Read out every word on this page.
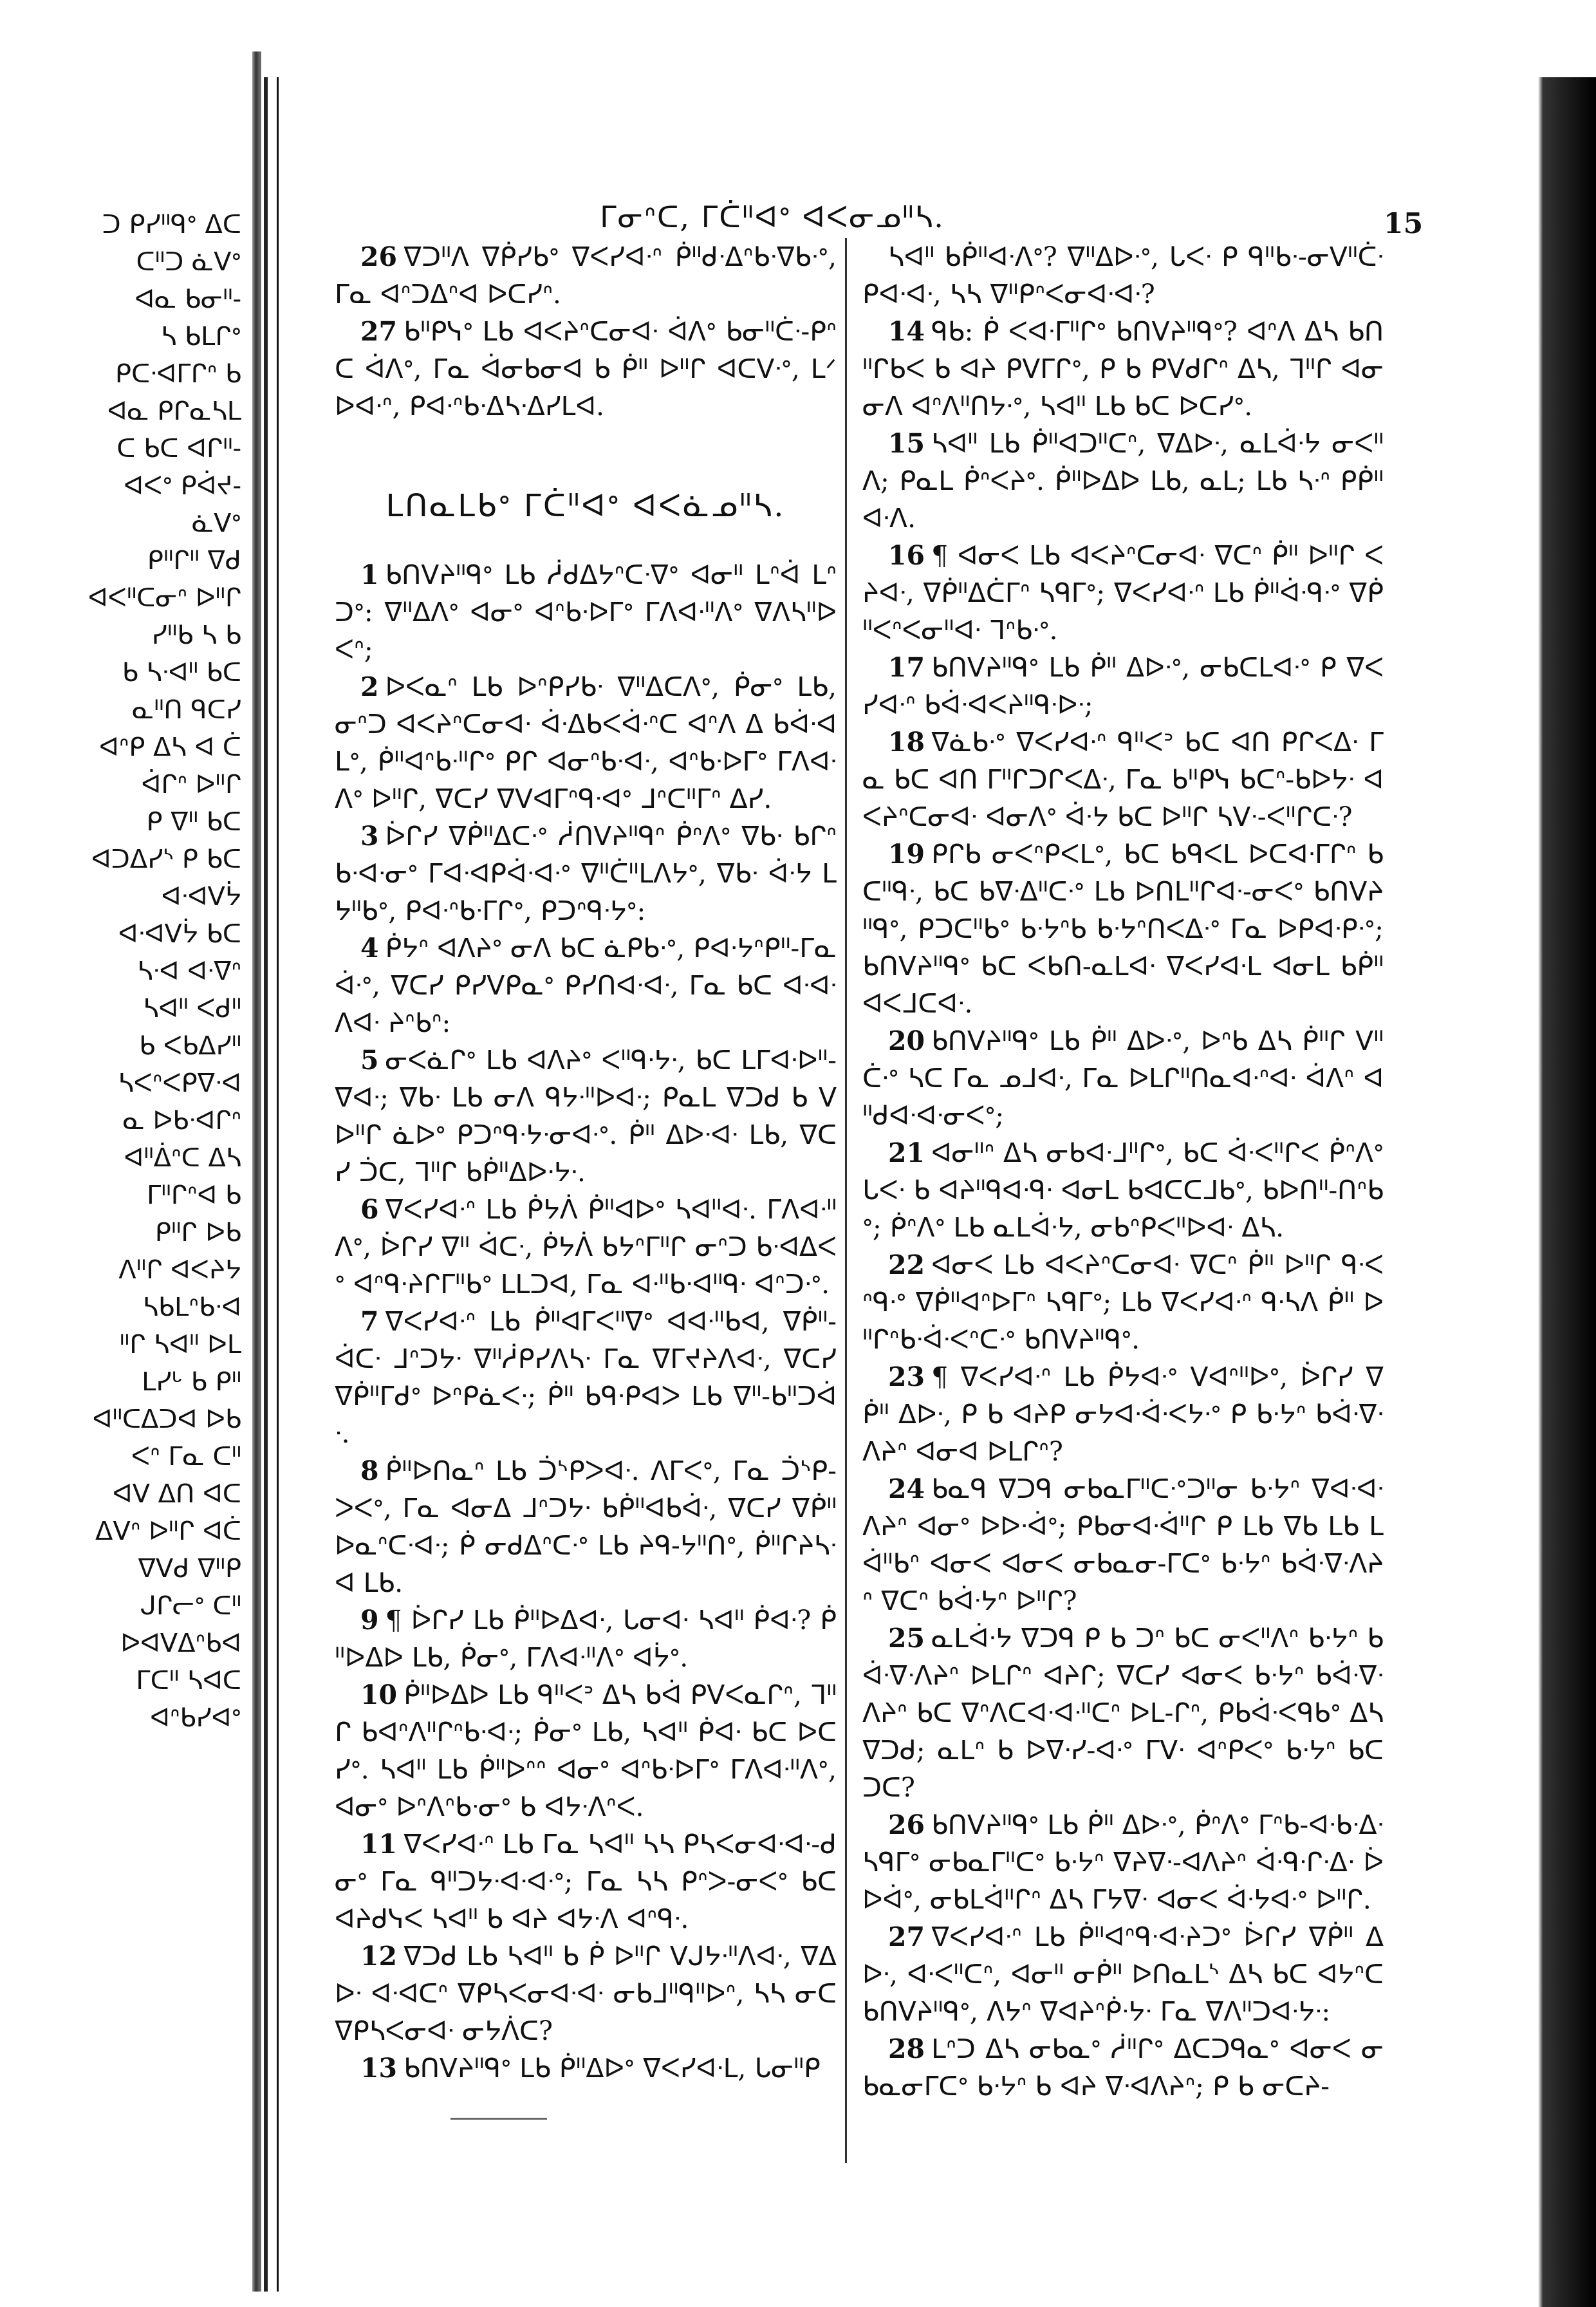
ᑐ ᑭᓯᐦᑫᐤ ᐃᑕ
ᑕᐦᑐ ᓈᐯᐤ
ᐊᓇ ᑲᓂᐦ-
ᓴ ᑲᒪᒋᐤ
ᑭᑕᐧᐊᒥᒋᐢ ᑲ
ᐊᓇ ᑭᒋᓇᓴᒪ
ᑕ ᑲᑕ ᐊᒋᐦ-
ᐊᐸᐤ ᑭᐋᔪ-
ᓈᐯᐤ
ᑭᐦᒋᐦ ᐁᑯ
ᐊᐸᐦᑕᓂᐢ ᐅᐦᒋ
ᓯᐦᑲ ᓴ ᑲ
ᑲ ᓴᐧᐊᐦ ᑲᑕ
ᓇᐦᑎ ᑫᑕᓯ
ᐊᐢᑭ ᐃᓴ ᐊ ᑖ
ᐋᒋᐢ ᐅᐦᒋ
ᑭ ᐁᐦ ᑲᑕ
ᐊᑐᐃᓯᔅ ᑭ ᑲᑕ
ᐊᐧᐊᐯᔮ
ᐊᐧᐊᐯᔮ ᑲᑕ
ᓴᐧᐊ ᐊᐧᐁᐢ
ᓴᐊᐦ ᐸᑯᐦ
ᑲ ᐸᑲᐃᓯᐦ
ᓴᐸᐢᐸᑭᐁᐧᐊ
ᓇ ᐅᑲᐧᐊᒋᐢ
ᐊᐦᐄᐢᑕ ᐃᓴ
ᒥᐦᒋᐢᐊ ᑲ
ᑭᐦᒋ ᐅᑲ
ᐱᐦᒋ ᐊᐸᔨᔭ
ᓴᑲᒪᐢᑲᐧᐊ
ᐦᒋ ᓴᐊᐦ ᐅᒪ
ᒪᓯᒡ ᑲ ᑭᐦ
ᐊᐦᑕᐃᑐᐊ ᐅᑲ
ᐸᐢ ᒥᓇ ᑕᐦ
ᐊᐯ ᐃᑎ ᐊᑕ
ᐃᐯᐢ ᐅᐦᒋ ᐊᑖ
ᐁᐯᑯ ᐁᐦᑭ
ᒍᒋᓕᐤ ᑕᐦ
ᐅᐊᐯᐃᐢᑲᐊ
ᒥᑕᐦ ᓴᐊᑕ
ᐊᐢᑲᓯᐊᐤ
ᒥᓂᐢᑕ, ᒥᑖᐦᐊᐤ ᐊᐸᓂᓄᐦᓴ.	15

26 ᐁᑐᐦᐱ ᐁᑮᓯᑲᐤ ᐁᐸᓯᐊᐧᐢ ᑮᐦᑯᐧᐃᐢᑲᐧᐁᑲᐧᐤ, ᒥᓇ ᐊᐢᑐᐃᐢᐊ ᐅᑕᓯᐢ.

27 ᑲᐦᑭᓭᐤ ᒪᑲ ᐊᐸᔨᐢᑕᓂᐊᐧ ᐋᐱᐤ ᑲᓂᐦᑖᐧ-ᑭᐢᑕ ᐋᐱᐤ, ᒥᓇ ᐋᓂᑲᓂᐊ ᑲ ᑮᐦ ᐅᐦᒋ ᐊᑕᐯᐧᐤ, ᒪᐟᐅᐊᐧᐢ, ᑭᐊᐧᐢᑲᐧᐃᓴᐧᐃᓯᒪᐊ.

ᒪᑎᓇᒪᑲᐤ ᒥᑖᐦᐊᐤ ᐊᐸᓈᓄᐦᓴ.

1 ᑲᑎᐯᔨᐦᑫᐤ ᒪᑲ ᓲᑯᐃᔭᐢᑕᐧᐁᐤ ᐊᓂᐦ ᒪᐢᐋ ᒪᐢᑐᐤ: ᐁᐦᐃᐱᐤ ᐊᓂᐤ ᐊᐢᑲᐧᐅᒥᐤ ᒥᐱᐊᐧᐦᐱᐤ ᐁᐱᓴᐦᐅᐸᐢ;

2 ᐅᐸᓇᐢ ᒪᑲ ᐅᐢᑭᓯᑲᐧ ᐁᐦᐃᑕᐱᐤ, ᑮᓂᐤ ᒪᑲ, ᓂᐢᑐ ᐊᐸᔨᐢᑕᓂᐊᐧ ᐋᐧᐃᑲᐸᐋᐧᐢᑕ ᐊᐢᐱ ᐃ ᑲᐋᐧᐊᒪᐤ, ᑮᐦᐊᐢᑲᐧᐦᒋᐤ ᑭᒋ ᐊᓂᐢᑲᐧᐊᐧ, ᐊᐢᑲᐧᐅᒥᐤ ᒥᐱᐊᐧᐱᐤ ᐅᐦᒋ, ᐁᑕᓯ ᐁᐯᐊᒥᐢᑫᐧᐊᐤ ᒧᐢᑕᐦᒥᐢ ᐃᓯ.

3 ᐆᒋᓯ ᐁᑮᐦᐃᑕᐧᐤ ᓲᑎᐯᔨᐦᑫᐢ ᑮᐢᐱᐤ ᐁᑲᐧ ᑲᒋᐢᑲᐧᐊᐧᓂᐤ ᒥᐊᐧᐊᑭᐋᐧᐊᐧᐤ ᐁᐦᑖᐦᒪᐱᔭᐤ, ᐁᑲᐧ ᐋᐧᔭ ᒪᔭᐦᑲᐤ, ᑭᐊᐧᐢᑲᐧᒥᒋᐤ, ᑭᑐᐢᑫᐧᔭᐤ:

4 ᑮᔭᐢ ᐊᐱᔨᐤ ᓂᐱ ᑲᑕ ᓈᑭᑲᐧᐤ, ᑭᐊᐧᔭᐢᑭᐦ-ᒥᓇᐋᐧᐤ, ᐁᑕᓯ ᑭᓯᐯᑭᓇᐤ ᑭᓯᑎᐊᐧᐊᐧ, ᒥᓇ ᑲᑕ ᐊᐧᐊᐧᐱᐊᐧ ᔨᐢᑲᐢ:

5 ᓂᐸᓈᒋᐤ ᒪᑲ ᐊᐱᔨᐤ ᐸᐦᑫᐧᔭᐧ, ᑲᑕ ᒪᒥᐊᐧᐅᐦ-ᐁᐊᐧ; ᐁᑲᐧ ᒪᑲ ᓂᐱ ᑫᔭᐧᐦᐅᐊᐧ; ᑭᓇᒪ ᐁᑐᑯ ᑲ ᐯ ᐅᐦᒋ ᓈᐅᐤ ᑭᑐᐢᑫᐧᔭᐧᓂᐊᐧᐤ. ᑮᐦ ᐃᐅᐧᐊᐧ ᒪᑲ, ᐁᑕᓯ ᑑᑕ, ᒣᐦᒋ ᑲᑮᐦᐃᐅᐧᔭᐧ.

6 ᐁᐸᓯᐊᐧᐢ ᒪᑲ ᑮᔭᐲ ᑮᐦᐊᐅᐤ ᓴᐊᐦᐊᐧ. ᒥᐱᐊᐧᐦᐱᐤ, ᐆᒋᓯ ᐁᐦ ᐋᑕᐧ, ᑮᔭᐲ ᑲᔭᐢᒥᐦᒋ ᓂᐢᑐ ᑲᐧᐊᐃᐸᐤ ᐊᐢᑫᐧᔨᒋᒥᐦᑲᐤ ᒪᒪᑐᐊ, ᒥᓇ ᐊᐧᐦᑲᐧᐊᐦᑫᐧ ᐊᐢᑐᐧᐤ.

7 ᐁᐸᓯᐊᐧᐢ ᒪᑲ ᑮᐦᐊᒥᐸᐦᐁᐤ ᐊᐊᐧᐦᑲᐊ, ᐁᑮᐦ-ᐋᑕᐧ ᒧᐢᑐᔭᐧ ᐁᐦᓲᑭᓯᐱᓴᐧ ᒥᓇ ᐁᒥᔪᔨᐱᐊᐧ, ᐁᑕᓯ ᐁᑮᐦᒥᑯᐤ ᐅᐢᑭᓈᐸᐧ; ᑮᐦ ᑲᑫᐧᑭᐊᐳ ᒪᑲ ᐁᐦ-ᑲᐦᑐᐋᐧ.

8 ᑮᐦᐅᑎᓇᐢ ᒪᑲ ᑑᔅᑭᐳᐊᐧ. ᐱᒥᐸᐤ, ᒥᓇ ᑑᔅᑭ-ᐳᐸᐤ, ᒥᓇ ᐊᓂᐃ ᒧᐢᑐᔭᐧ ᑲᑮᐦᐊᑲᐋᐧ, ᐁᑕᓯ ᐁᑮᐦᐅᓇᐢᑕᐧᐊᐧ; ᑮ ᓂᑯᐃᐢᑕᐧᐤ ᒪᑲ ᔨᑫ-ᔭᐦᑎᐤ, ᑮᐦᒋᔨᓴᐧᐊ ᒪᑲ.

9 ¶ ᐆᒋᓯ ᒪᑲ ᑮᐦᐅᐃᐊᐧ, ᒐᓂᐊᐧ ᓴᐊᐦ ᑮᐊᐧ? ᑮᐦᐅᐃᐅ ᒪᑲ, ᑮᓂᐤ, ᒥᐱᐊᐧᐦᐱᐤ ᐊᔮᐤ.

10 ᑮᐦᐅᐃᐅ ᒪᑲ ᑫᐦᐸᐣ ᐃᓴ ᑲᐋ ᑭᐯᐸᓇᒋᐢ, ᒣᐦᒋ ᑲᐊᐢᐱᐦᒋᐢᑲᐧᐊᐧ; ᑮᓂᐤ ᒪᑲ, ᓴᐊᐦ ᑮᐊᐧ ᑲᑕ ᐅᑕᓯᐤ. ᓴᐊᐦ ᒪᑲ ᑮᐦᐅᐢᐢ ᐊᓂᐤ ᐊᐢᑲᐧᐅᒥᐤ ᒥᐱᐊᐧᐦᐱᐤ, ᐊᓂᐤ ᐅᐢᐱᐢᑲᐧᓂᐤ ᑲ ᐊᔭᐧᐱᐢᐸ.

11 ᐁᐸᓯᐊᐧᐢ ᒪᑲ ᒥᓇ ᓴᐊᐦ ᓴᓴ ᑭᓴᐸᓂᐊᐧᐊᐧ-ᑯᓂᐤ ᒥᓇ ᑫᐦᑐᔭᐧᐊᐧᐊᐧᐤ; ᒥᓇ ᓴᓴ ᑭᐢᐳ-ᓂᐸᐤ ᑲᑕ ᐊᔨᑯᓭᐸ ᓴᐊᐦ ᑲ ᐊᔨ ᐊᔭᐧᐱ ᐊᐢᑫᐧ.

12 ᐁᑐᑯ ᒪᑲ ᓴᐊᐦ ᑲ ᑮ ᐅᐦᒋ ᐯᒍᔭᐧᐦᐱᐊᐧ, ᐁᐃᐅᐧ ᐊᐧᐊᑕᐢ ᐁᑭᓴᐸᓂᐊᐧᐊᐧ ᓂᑲᒧᐦᑫᐦᐅᐢ, ᓴᓴ ᓂᑕ ᐁᑭᓴᐸᓂᐊᐧ ᓂᔭᐲᑕ?

13 ᑲᑎᐯᔨᐦᑫᐤ ᒪᑲ ᑮᐦᐃᐅᐤ ᐁᐸᓯᐊᐧᒪ, ᒐᓂᐦᑭ

ᓴᐊᐦ ᑲᑮᐦᐊᐧᐱᐤ? ᐁᐦᐃᐅᐧᐤ, ᒐᐸᐧ ᑭ ᑫᐦᑲᐧ-ᓂᐯᐦᑖᐧᑭᐊᐧᐊᐧ, ᓴᓴ ᐁᐦᑭᐢᐸᓂᐊᐧᐊᐧ?

14 ᑫᑲ: ᑮ ᐸᐊᐧᒥᐦᒋᐤ ᑲᑎᐯᔨᐦᑫᐤ? ᐊᐢᐱ ᐃᓴ ᑲᑎᐦᒋᑲᐸ ᑲ ᐊᔨ ᑭᐯᒥᒋᐤ, ᑭ ᑲ ᑭᐯᑯᒋᐢ ᐃᓴ, ᒣᐦᒋ ᐊᓂ ᓂᐱ ᐊᐢᐱᐦᑎᔭᐧᐤ, ᓴᐊᐦ ᒪᑲ ᑲᑕ ᐅᑕᓯᐤ.

15 ᓴᐊᐦ ᒪᑲ ᑮᐦᐊᑐᐦᑕᐢ, ᐁᐃᐅᐧ, ᓇᒪᐋᐧᔭ ᓂᐸᐦᐱ; ᑭᓇᒪ ᑮᐢᐸᔨᐤ. ᑮᐦᐅᐃᐅ ᒪᑲ, ᓇᒪ; ᒪᑲ ᓴᐧᐢ ᑭᑮᐦᐊᐧᐱ.

16 ¶ ᐊᓂᐸ ᒪᑲ ᐊᐸᔨᐢᑕᓂᐊᐧ ᐁᑕᐢ ᑮᐦ ᐅᐦᒋ ᐸᔨᐊᐧ, ᐁᑮᐦᐃᑖᒥᐢ ᓴᑫᒥᐤ; ᐁᐸᓯᐊᐧᐢ ᒪᑲ ᑮᐦᐋᐧᑫᐧᐤ ᐁᑮᐦᐸᐢᐸᓂᐦᐊᐧ ᒣᐢᑲᐧᐤ.

17 ᑲᑎᐯᔨᐦᑫᐤ ᒪᑲ ᑮᐦ ᐃᐅᐧᐤ, ᓂᑲᑕᒪᐊᐧᐤ ᑭ ᐁᐸᓯᐊᐧᐢ ᑲᐋᐧᐊᐸᔨᐦᑫᐧᐅᐧ;

18 ᐁᓈᑲᐧᐤ ᐁᐸᓯᐊᐧᐢ ᑫᐦᐸᐣ ᑲᑕ ᐊᑎ ᑭᒋᐸᐃᐧ ᒥᓇ ᑲᑕ ᐊᑎ ᒥᐦᒋᑐᒋᐸᐃᐧ, ᒥᓇ ᑲᐦᑭᓭ ᑲᑕᐢ-ᑲᐅᔭᐧ ᐊᐸᔨᐢᑕᓂᐊᐧ ᐊᓂᐱᐤ ᐋᐧᔭ ᑲᑕ ᐅᐦᒋ ᓴᐯᐧ-ᐸᐦᒋᑕᐧ?

19 ᑭᒋᑲ ᓂᐸᐢᑭᐸᒪᐤ, ᑲᑕ ᑲᑫᐸᒪ ᐅᑕᐊᐧᒥᒋᐢ ᑲᑕᐦᑫᐧ, ᑲᑕ ᑲᐁᐧᐃᐦᑕᐧᐤ ᒪᑲ ᐅᑎᒪᐦᒋᐊᐧ-ᓂᐸᐤ ᑲᑎᐯᔨᐦᑫᐤ, ᑭᑐᑕᐦᑲᐤ ᑲᐧᔭᐢᑲ ᑲᐧᔭᐢᑎᐸᐃᐧᐤ ᒥᓇ ᐅᑭᐊᐧᑭᐧᐤ; ᑲᑎᐯᔨᐦᑫᐤ ᑲᑕ ᐸᑲᑎ-ᓇᒪᐊᐧ ᐁᐸᓯᐊᐧᒪ ᐊᓂᒪ ᑲᑮᐦᐊᐸᒧᑕᐊᐧ.

20 ᑲᑎᐯᔨᐦᑫᐤ ᒪᑲ ᑮᐦ ᐃᐅᐧᐤ, ᐅᐢᑲ ᐃᓴ ᑮᐦᒋ ᐯᐦᑖᐧᐤ ᓴᑕ ᒥᓇ ᓄᒧᐊᐧ, ᒥᓇ ᐅᒪᒋᐦᑎᓇᐊᐧᐢᐊᐧ ᐋᐱᐢ ᐊᐦᑯᐊᐧᐊᐧᓂᐸᐤ;

21 ᐊᓂᐦᐢ ᐃᓴ ᓂᑲᐊᐧᒧᐦᒋᐤ, ᑲᑕ ᐋᐧᐸᐦᒋᐸ ᑮᐢᐱᐤ ᒐᐸᐧ ᑲ ᐊᔨᐦᑫᐊᐧᑫᐧ ᐊᓂᒪ ᑲᐊᑕᑕᒧᑲᐤ, ᑲᐅᑎᐦ-ᑎᐢᑲᐤ; ᑮᐢᐱᐤ ᒪᑲ ᓇᒪᐋᐧᔭ, ᓂᑲᐢᑭᐸᐦᐅᐊᐧ ᐃᓴ.

22 ᐊᓂᐸ ᒪᑲ ᐊᐸᔨᐢᑕᓂᐊᐧ ᐁᑕᐢ ᑮᐦ ᐅᐦᒋ ᑫᐧᐸᐢᑫᐧᐤ ᐁᑮᐦᐊᐢᐅᒥᐢ ᓴᑫᒥᐤ; ᒪᑲ ᐁᐸᓯᐊᐧᐢ ᑫᐧᓴᐱ ᑮᐦ ᐅᐦᒋᐢᑲᐧᐋᐧᐸᐢᑕᐧᐤ ᑲᑎᐯᔨᐦᑫᐤ.

23 ¶ ᐁᐸᓯᐊᐧᐢ ᒪᑲ ᑮᔭᐊᐧᐤ ᐯᐊᐢᐦᐅᐤ, ᐆᒋᓯ ᐁ ᑮᐦ ᐃᐅᐧ, ᑭ ᑲ ᐊᔨᑭ ᓂᔭᐊᐧᐋᐧᐸᔭᐧᐤ ᑭ ᑲᐧᔭᐢ ᑲᐋᐧᐁᐧᐱᔨᐢ ᐊᓂᐊ ᐅᒪᒋᐢ?

24 ᑲᓇᑫ ᐁᑐᑫ ᓂᑲᓇᒥᐦᑕᐧᐤᑐᐦᓂ ᑲᐧᔭᐢ ᐁᐊᐧᐊᐧᐱᔨᐢ ᐊᓂᐤ ᐅᐅᐧᐋᐤ; ᑭᑲᓂᐊᐧᐋᐦᒋ ᑭ ᒪᑲ ᐁᑲ ᒪᑲ ᒪᐋᐦᑲᐢ ᐊᓂᐸ ᐊᓂᐸ ᓂᑲᓇᓂ-ᒥᑕᐤ ᑲᐧᔭᐢ ᑲᐋᐧᐁᐧᐱᔨᐢ ᐁᑕᐢ ᑲᐋᐧᔭᐢ ᐅᐦᒋ?

25 ᓇᒪᐋᐧᔭ ᐁᑐᑫ ᑭ ᑲ ᑐᐢ ᑲᑕ ᓂᐸᐦᐱᐢ ᑲᐧᔭᐢ ᑲᐋᐧᐁᐧᐱᔨᐢ ᐅᒪᒋᐢ ᐊᔨᒋ; ᐁᑕᓯ ᐊᓂᐸ ᑲᐧᔭᐢ ᑲᐋᐧᐁᐧᐱᔨᐢ ᑲᑕ ᐁᐢᐱᑕᐊᐧᐊᐧᐦᑕᐢ ᐅᒪ-ᒋᐢ, ᑭᑲᐋᐧᐸᑫᑲᐤ ᐃᓴ ᐁᑐᑯ; ᓇᒪᐢ ᑲ ᐅᐁᐧᓯ-ᐊᐧᐤ ᒥᐯᐧ ᐊᐢᑭᐸᐤ ᑲᐧᔭᐢ ᑲᑕ ᑐᑕ?

26 ᑲᑎᐯᔨᐦᑫᐤ ᒪᑲ ᑮᐦ ᐃᐅᐧᐤ, ᑮᐢᐱᐤ ᒥᐢᑲ-ᐊᐧᑲᐧᐃᐧ ᓴᑫᒥᐤ ᓂᑲᓇᒥᐦᑕᐤ ᑲᐧᔭᐢ ᐁᔨᐁᐧ-ᐊᐱᔨᐢ ᐋᐧᑫᐧᒋᐧᐃᐧ ᐆᐅᐋᐤ, ᓂᑲᒪᐋᐦᒋᐢ ᐃᓴ ᒥᔭᐁᐧ ᐊᓂᐸ ᐋᐧᔭᐊᐧᐤ ᐅᐦᒋ.

27 ᐁᐸᓯᐊᐧᐢ ᒪᑲ ᑮᐦᐊᐢᑫᐧᐊᐧᔨᑐᐤ ᐆᒋᓯ ᐁᑮᐦ ᐃᐅᐧ, ᐊᐧᐸᐦᑕᐢ, ᐊᓂᐦ ᓂᑮᐦ ᐅᑎᓇᒪᔅ ᐃᓴ ᑲᑕ ᐊᔭᐢᑕ ᑲᑎᐯᔨᐦᑫᐤ, ᐱᔭᐢ ᐁᐊᔨᐢᑮᐧᔭᐧ ᒥᓇ ᐁᐱᐦᑐᐊᐧᔭᐧ:

28 ᒪᐢᑐ ᐃᓴ ᓂᑲᓇᐤ ᓲᐦᒋᐤ ᐃᑕᑐᑫᓇᐤ ᐊᓂᐸ ᓂᑲᓇᓂᒥᑕᐤ ᑲᐧᔭᐢ ᑲ ᐊᔨ ᐁᐧᐊᐱᔨᐢ; ᑭ ᑲ ᓂᑕᔨ-
